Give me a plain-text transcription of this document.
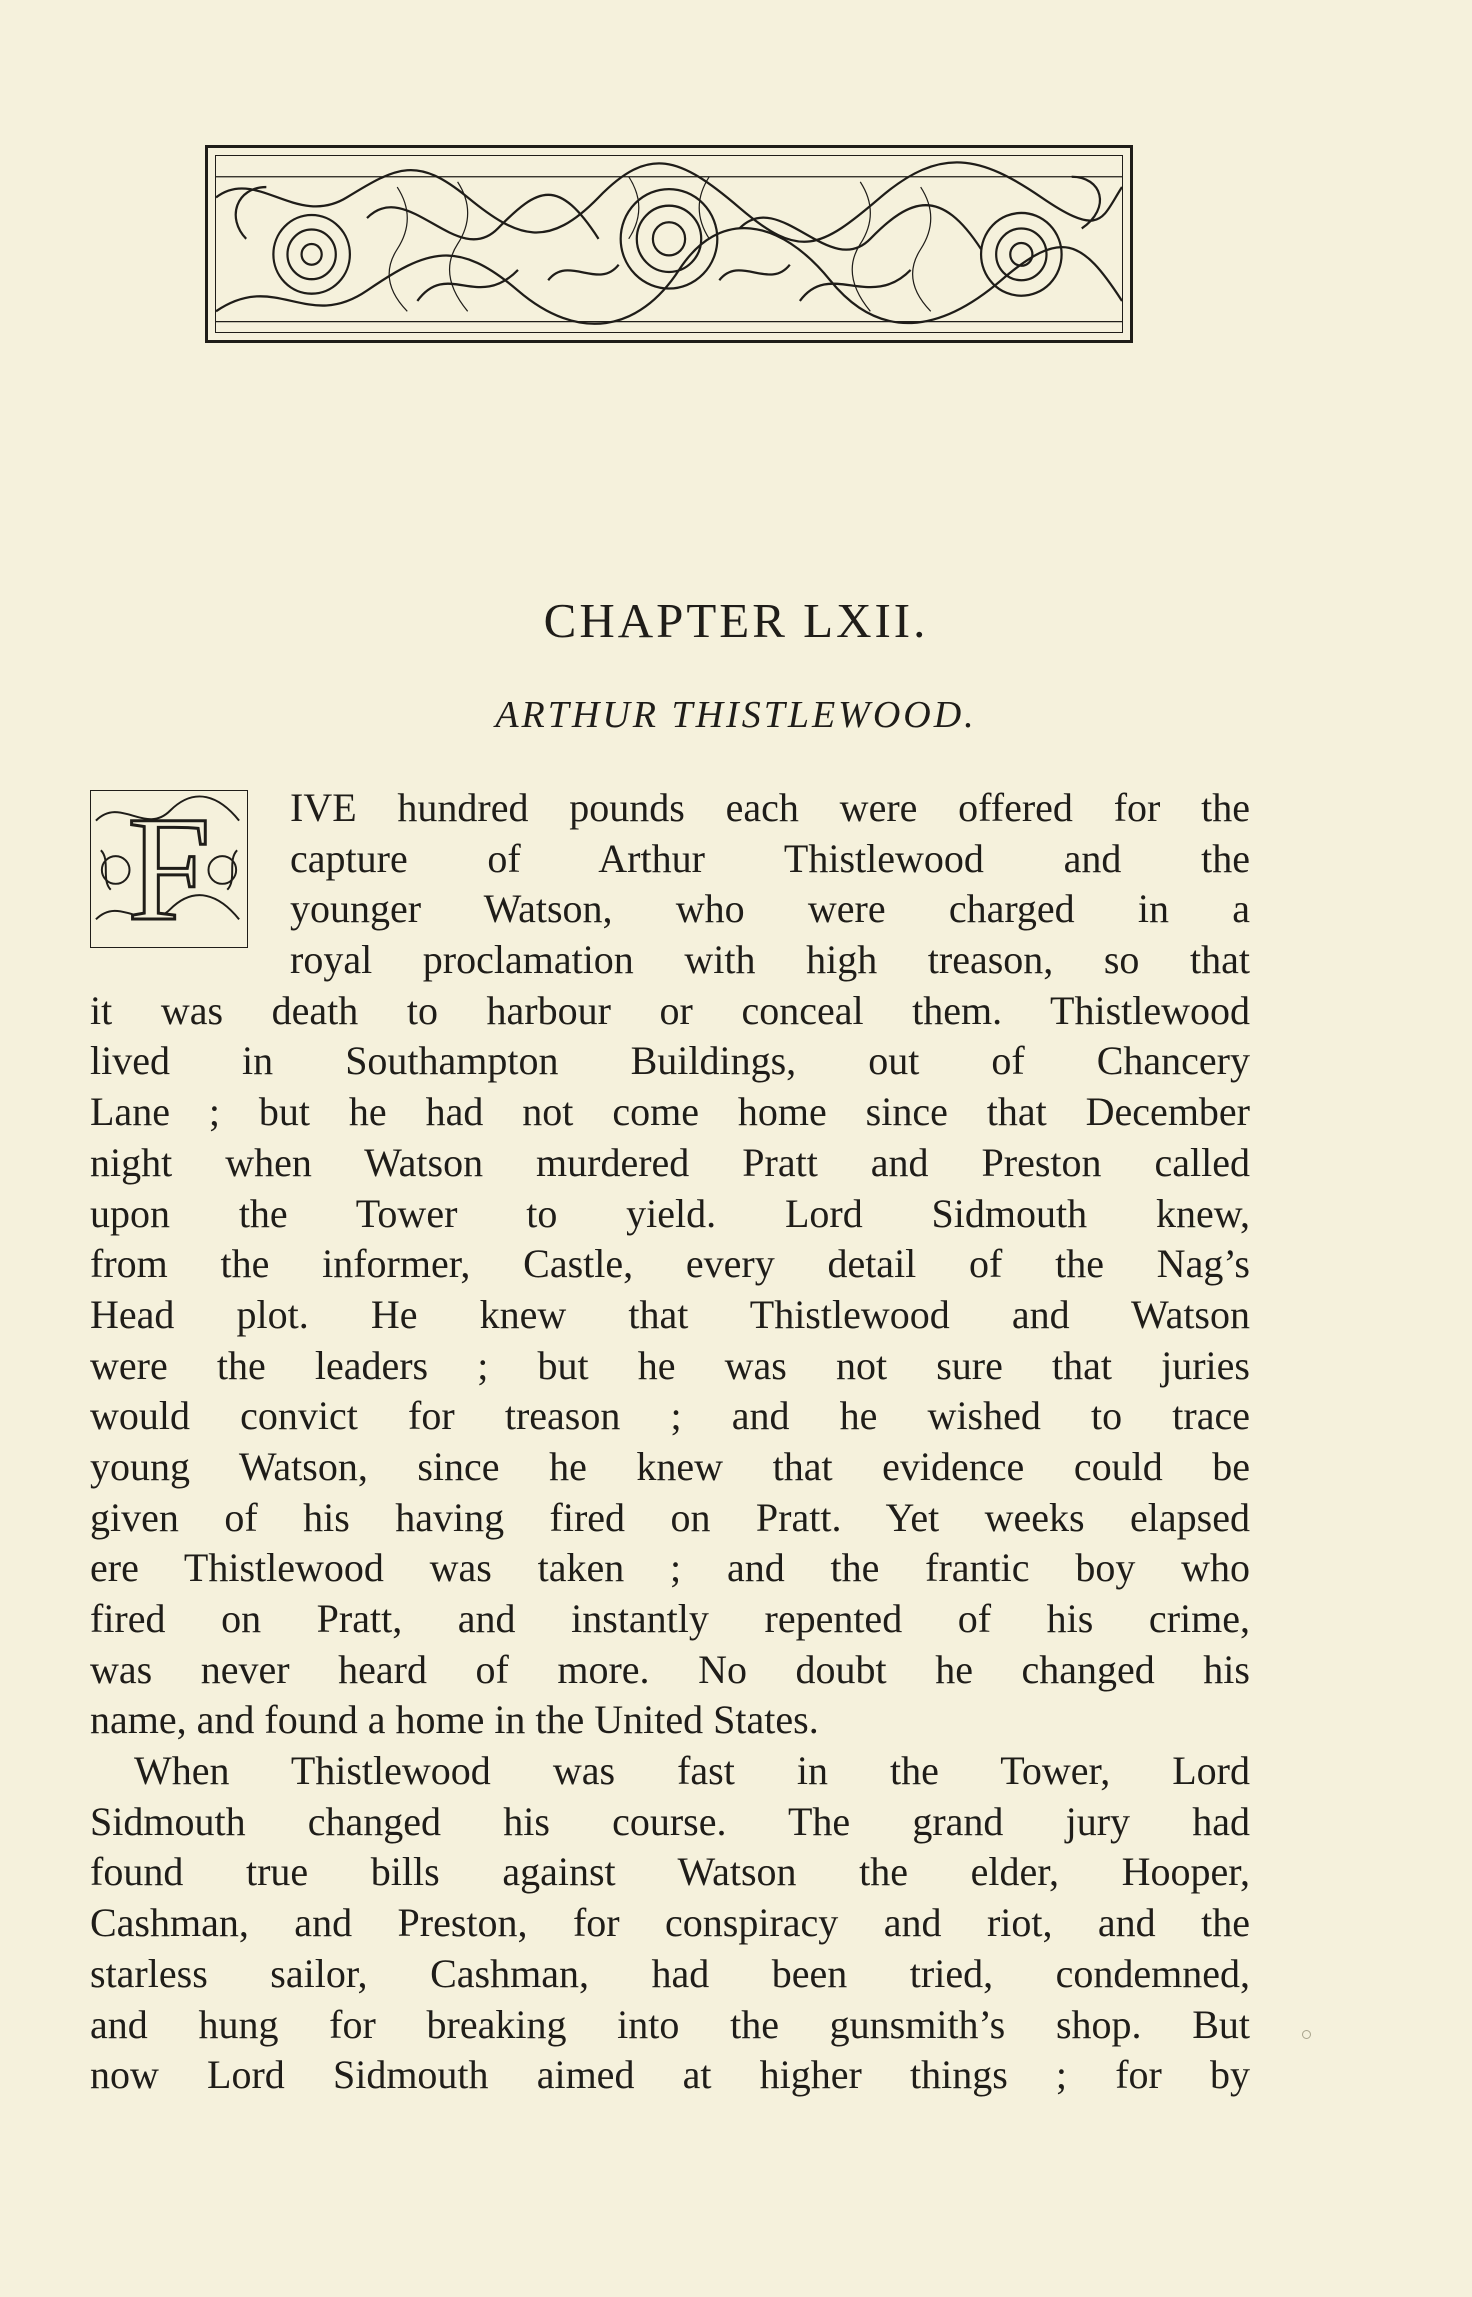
CHAPTER LXII.
ARTHUR THISTLEWOOD.
F	IVE hundred pounds each were offered for the
capture of Arthur Thistlewood and the
younger Watson, who were charged in a
royal proclamation with high treason, so that
it was death to harbour or conceal them. Thistlewood
lived in Southampton Buildings, out of Chancery
Lane ; but he had not come home since that December
night when Watson murdered Pratt and Preston called
upon the Tower to yield. Lord Sidmouth knew,
from the informer, Castle, every detail of the Nag’s
Head plot. He knew that Thistlewood and Watson
were the leaders ; but he was not sure that juries
would convict for treason ; and he wished to trace
young Watson, since he knew that evidence could be
given of his having fired on Pratt. Yet weeks elapsed
ere Thistlewood was taken ; and the frantic boy who
fired on Pratt, and instantly repented of his crime,
was never heard of more. No doubt he changed his
name, and found a home in the United States.
When Thistlewood was fast in the Tower, Lord
Sidmouth changed his course. The grand jury had
found true bills against Watson the elder, Hooper,
Cashman, and Preston, for conspiracy and riot, and the
starless sailor, Cashman, had been tried, condemned,
and hung for breaking into the gunsmith’s shop. But
now Lord Sidmouth aimed at higher things ; for by
